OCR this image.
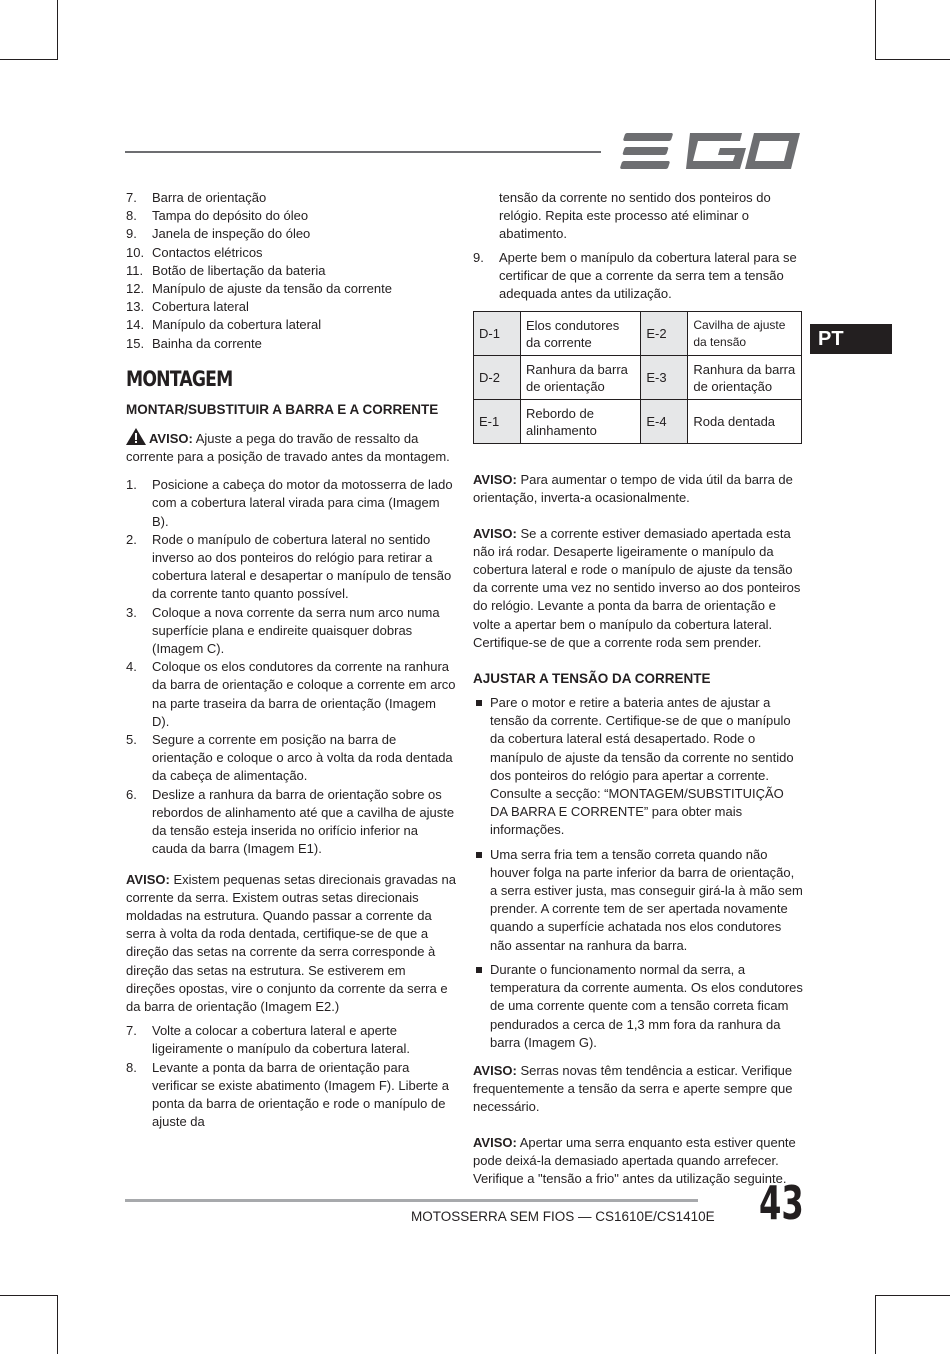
PT
7. Barra de orientação
8. Tampa do depósito do óleo
9. Janela de inspeção do óleo
10. Contactos elétricos
11. Botão de libertação da bateria
12. Manípulo de ajuste da tensão da corrente
13. Cobertura lateral
14. Manípulo da cobertura lateral
15. Bainha da corrente
MONTAGEM
MONTAR/SUBSTITUIR A BARRA E A CORRENTE

AVISO: Ajuste a pega do travão de ressalto da corrente para a posição de travado antes da montagem.

1. Posicione a cabeça do motor da motosserra de lado com a cobertura lateral virada para cima (Imagem B).
2. Rode o manípulo de cobertura lateral no sentido inverso ao dos ponteiros do relógio para retirar a cobertura lateral e desapertar o manípulo de tensão da corrente tanto quanto possível.
3. Coloque a nova corrente da serra num arco numa superfície plana e endireite quaisquer dobras (Imagem C).
4. Coloque os elos condutores da corrente na ranhura da barra de orientação e coloque a corrente em arco na parte traseira da barra de orientação (Imagem D).
5. Segure a corrente em posição na barra de orientação e coloque o arco à volta da roda dentada da cabeça de alimentação.
6. Deslize a ranhura da barra de orientação sobre os rebordos de alinhamento até que a cavilha de ajuste da tensão esteja inserida no orifício inferior na cauda da barra (Imagem E1).

AVISO: Existem pequenas setas direcionais gravadas na corrente da serra. Existem outras setas direcionais moldadas na estrutura. Quando passar a corrente da serra à volta da roda dentada, certifique-se de que a direção das setas na corrente da serra corresponde à direção das setas na estrutura. Se estiverem em direções opostas, vire o conjunto da corrente da serra e da barra de orientação (Imagem E2.)

7. Volte a colocar a cobertura lateral e aperte ligeiramente o manípulo da cobertura lateral.
8. Levante a ponta da barra de orientação para verificar se existe abatimento (Imagem F). Liberte a ponta da barra de orientação e rode o manípulo de ajuste da

tensão da corrente no sentido dos ponteiros do relógio. Repita este processo até eliminar o abatimento.

9. Aperte bem o manípulo da cobertura lateral para se certificar de que a corrente da serra tem a tensão adequada antes da utilização.
D-1	Elos condutores da corrente	E-2	Cavilha de ajuste da tensão
D-2	Ranhura da barra de orientação	E-3	Ranhura da barra de orientação
E-1	Rebordo de alinhamento	E-4	Roda dentada

AVISO: Para aumentar o tempo de vida útil da barra de orientação, inverta-a ocasionalmente.

AVISO: Se a corrente estiver demasiado apertada esta não irá rodar. Desaperte ligeiramente o manípulo da cobertura lateral e rode o manípulo de ajuste da tensão da corrente uma vez no sentido inverso ao dos ponteiros do relógio. Levante a ponta da barra de orientação e volte a apertar bem o manípulo da cobertura lateral. Certifique-se de que a corrente roda sem prender.

AJUSTAR A TENSÃO DA CORRENTE
Pare o motor e retire a bateria antes de ajustar a tensão da corrente. Certifique-se de que o manípulo da cobertura lateral está desapertado. Rode o manípulo de ajuste da tensão da corrente no sentido dos ponteiros do relógio para apertar a corrente. Consulte a secção: “MONTAGEM/SUBSTITUIÇÃO DA BARRA E CORRENTE” para obter mais informações.
Uma serra fria tem a tensão correta quando não houver folga na parte inferior da barra de orientação, a serra estiver justa, mas conseguir girá-la à mão sem prender. A corrente tem de ser apertada novamente quando a superfície achatada nos elos condutores não assentar na ranhura da barra.
Durante o funcionamento normal da serra, a temperatura da corrente aumenta. Os elos condutores de uma corrente quente com a tensão correta ficam pendurados a cerca de 1,3 mm fora da ranhura da barra (Imagem G).

AVISO: Serras novas têm tendência a esticar. Verifique frequentemente a tensão da serra e aperte sempre que necessário.

AVISO: Apertar uma serra enquanto esta estiver quente pode deixá-la demasiado apertada quando arrefecer. Verifique a "tensão a frio" antes da utilização seguinte.

MOTOSSERRA SEM FIOS — CS1610E/CS1410E 43
